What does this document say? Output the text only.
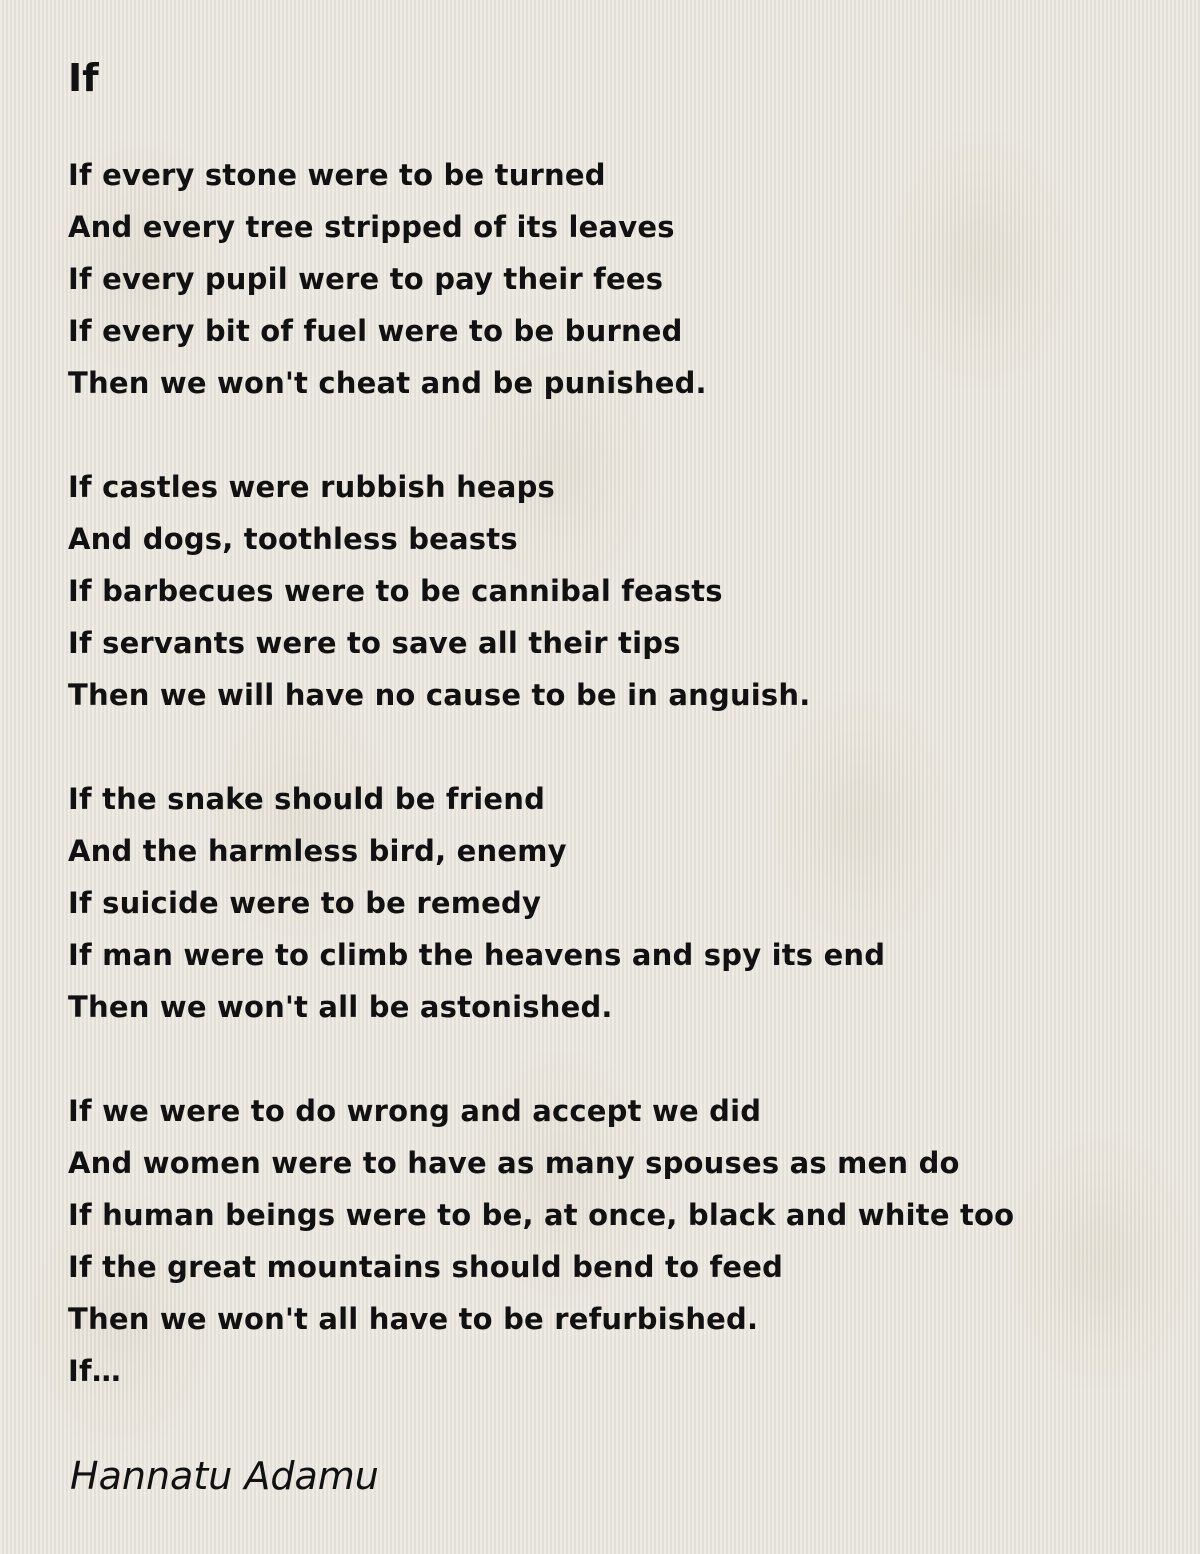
If
If every stone were to be turned
And every tree stripped of its leaves
If every pupil were to pay their fees
If every bit of fuel were to be burned
Then we won't cheat and be punished.
If castles were rubbish heaps
And dogs, toothless beasts
If barbecues were to be cannibal feasts
If servants were to save all their tips
Then we will have no cause to be in anguish.
If the snake should be friend
And the harmless bird, enemy
If suicide were to be remedy
If man were to climb the heavens and spy its end
Then we won't all be astonished.
If we were to do wrong and accept we did
And women were to have as many spouses as men do
If human beings were to be, at once, black and white too
If the great mountains should bend to feed
Then we won't all have to be refurbished.
If…
Hannatu Adamu
